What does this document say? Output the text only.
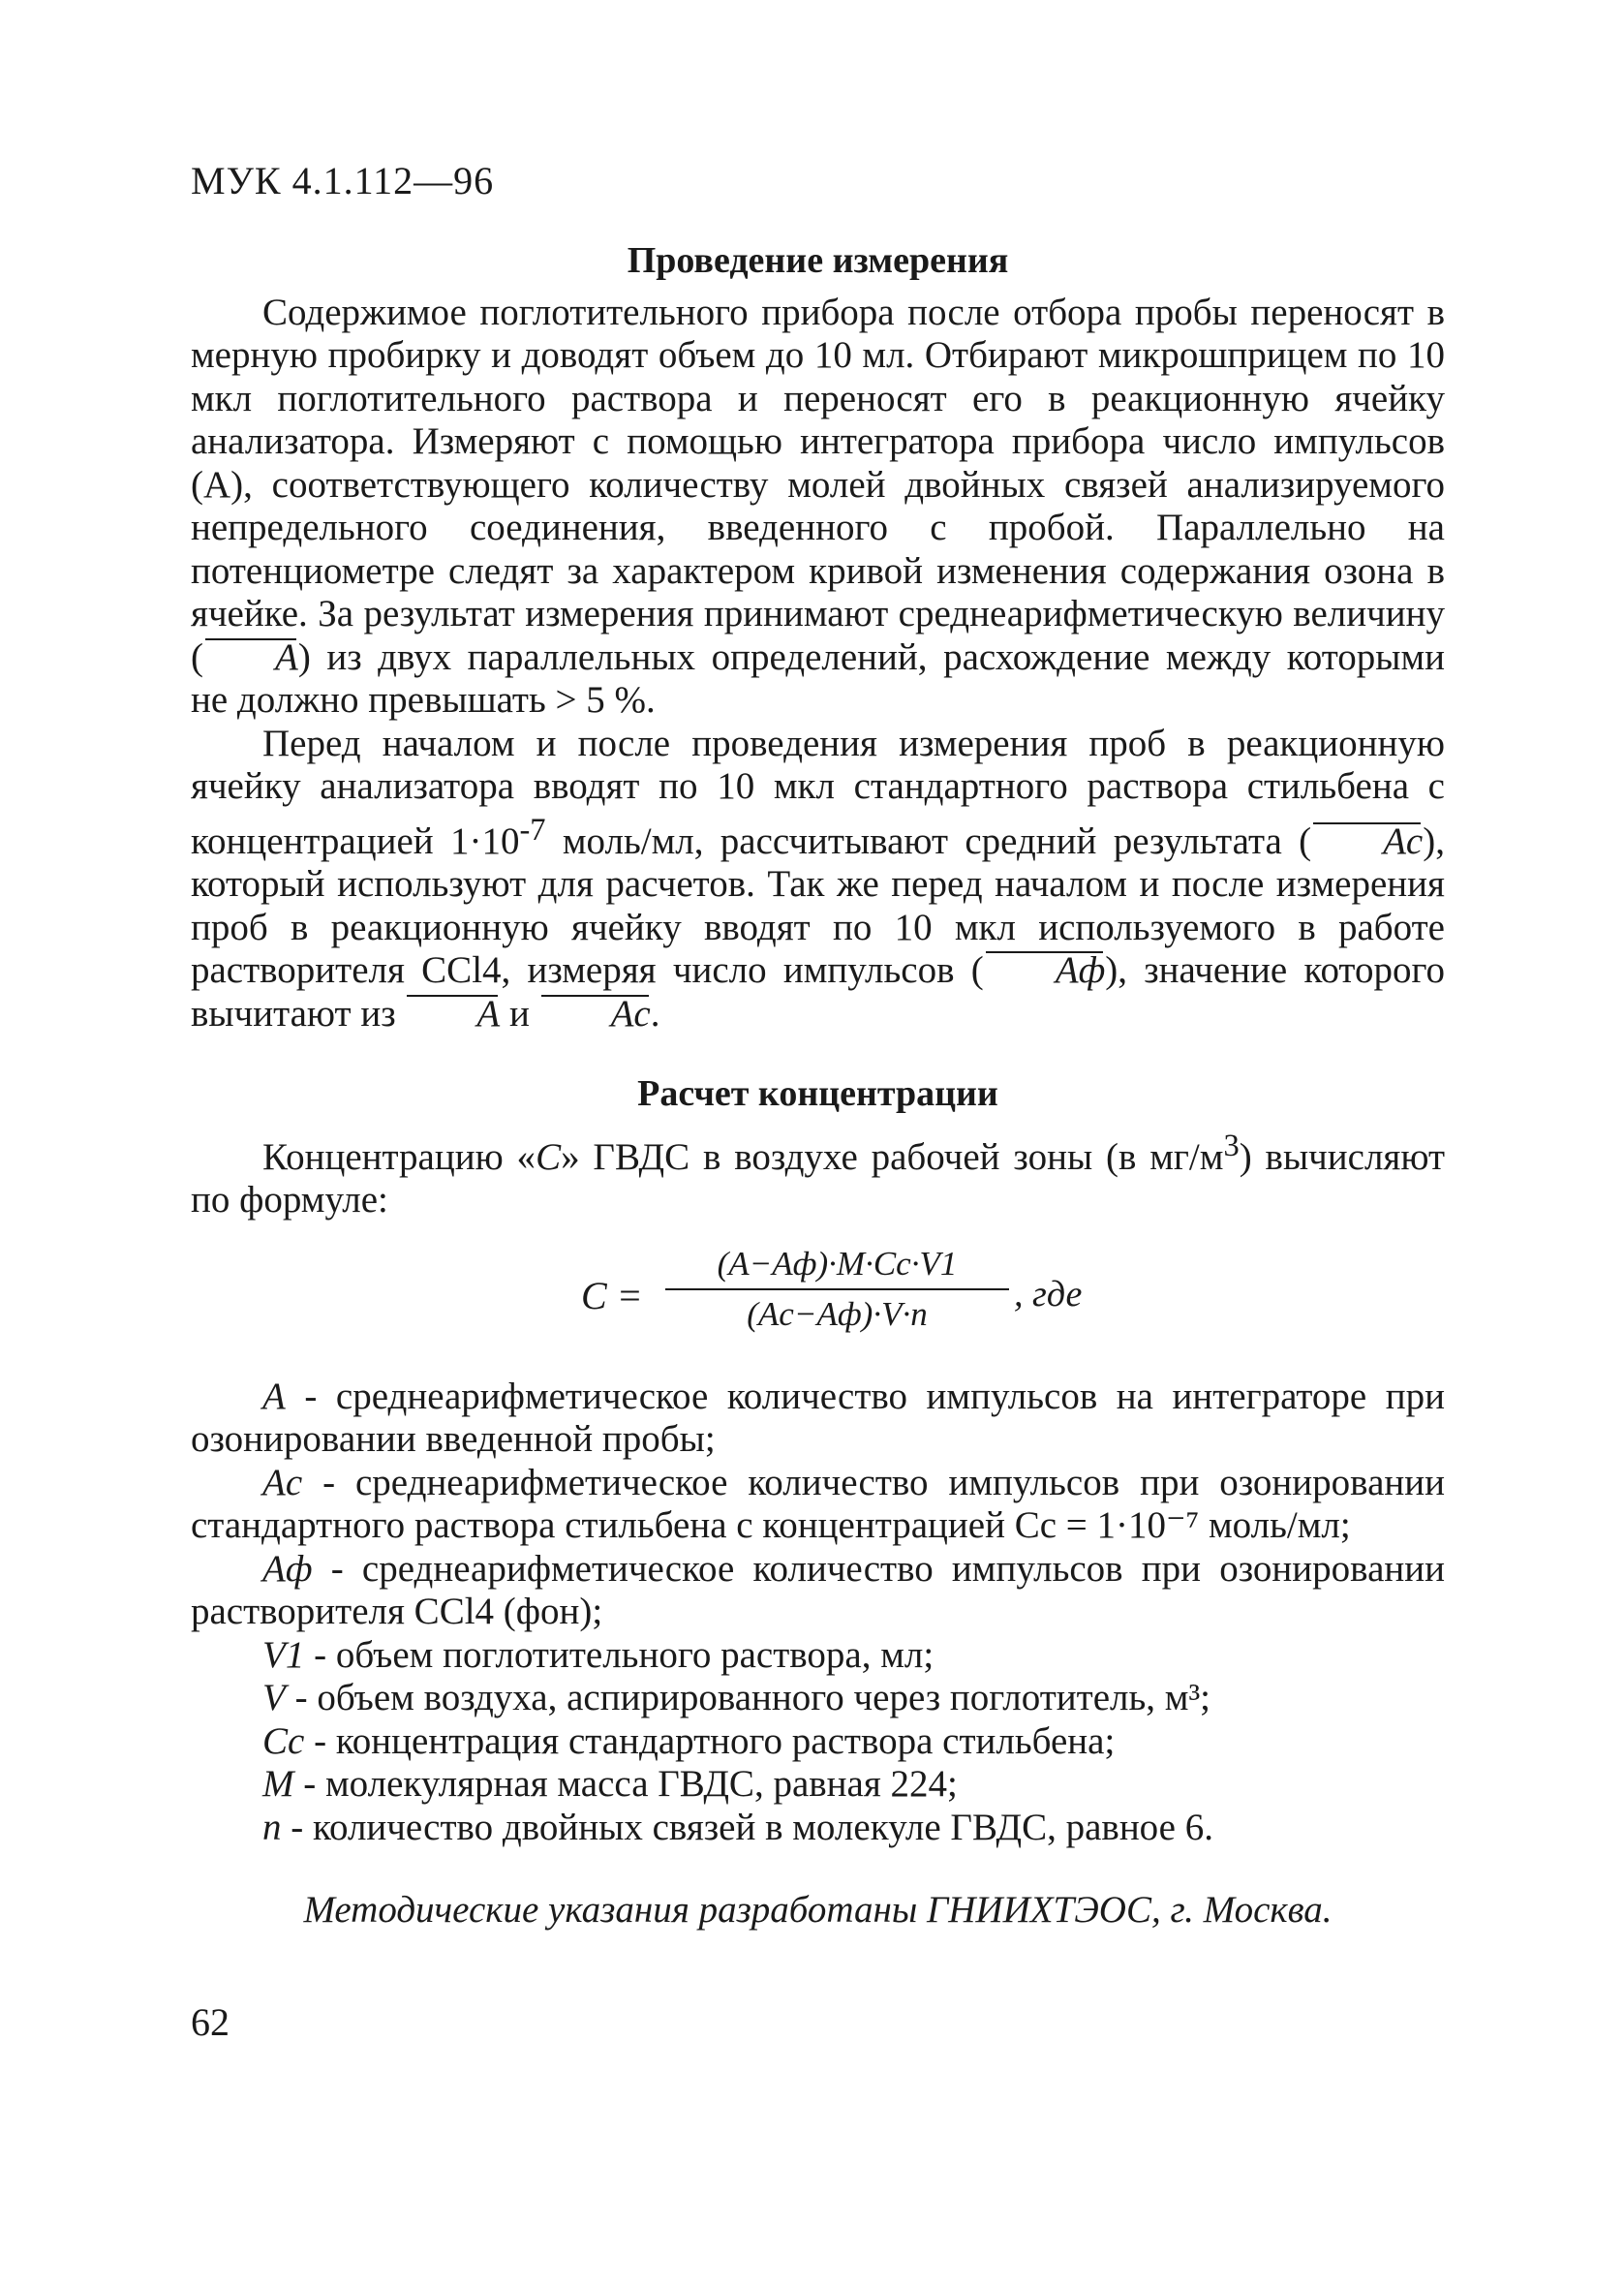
МУК 4.1.112—96
Проведение измерения

Содержимое поглотительного прибора после отбора пробы переносят в мерную пробирку и доводят объем до 10 мл. Отбирают микрошприцем по 10 мкл поглотительного раствора и переносят его в реакционную ячейку анализатора. Измеряют с помощью интегратора прибора число импульсов (А), соответствующего количеству молей двойных связей анализируемого непредельного соединения, введенного с пробой. Параллельно на потенциометре следят за характером кривой изменения содержания озона в ячейке. За результат измерения принимают среднеарифметическую величину ( A) из двух параллельных определений, расхождение между которыми не должно превышать > 5 %.

Перед началом и после проведения измерения проб в реакционную ячейку анализатора вводят по 10 мкл стандартного раствора стильбена с концентрацией $1\cdot 10^{-7}$ моль/мл, рассчитывают средний результата ( Ac), который используют для расчетов. Так же перед началом и после измерения проб в реакционную ячейку вводят по 10 мкл используемого в работе растворителя CCl4, измеряя число импульсов ( Aф), значение которого вычитают из
A и
Ac.

Расчет концентрации

Концентрацию «C» ГВДС в воздухе рабочей зоны (в $мг/м^3$) вычисляют по формуле:

C =
(A−Aф)·M·Cc·V1
(Ac−Aф)·V·n	, где

A - среднеарифметическое количество импульсов на интеграторе при озонировании введенной пробы;

Ac - среднеарифметическое количество импульсов при озонировании стандартного раствора стильбена с концентрацией Cc = 1·10⁻⁷ моль/мл;

Aф - среднеарифметическое количество импульсов при озонировании растворителя CCl4 (фон);

V1 - объем поглотительного раствора, мл;

V - объем воздуха, аспирированного через поглотитель, м³;

Cc - концентрация стандартного раствора стильбена;

M - молекулярная масса ГВДС, равная 224;

n - количество двойных связей в молекуле ГВДС, равное 6.

Методические указания разработаны ГНИИХТЭОС, г. Москва.
62
